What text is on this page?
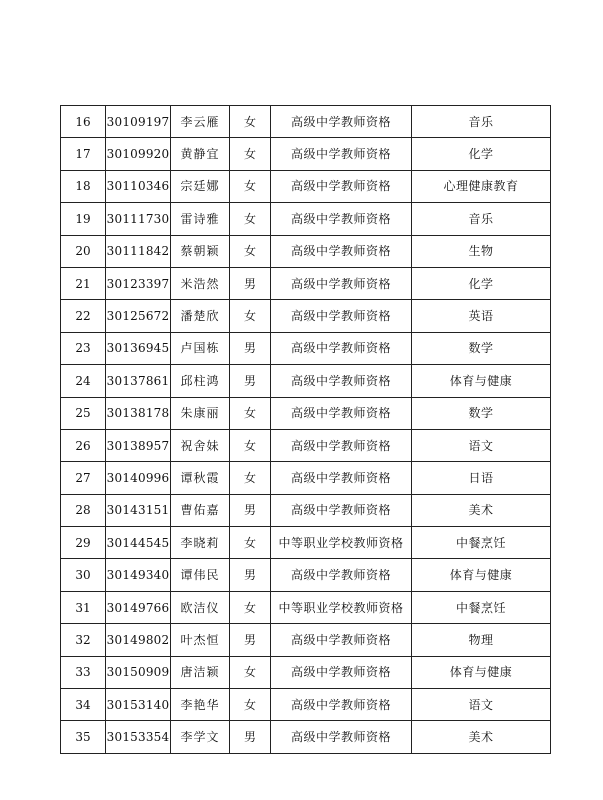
16	30109197	李云雁	女	高级中学教师资格	音乐
17	30109920	黄静宜	女	高级中学教师资格	化学
18	30110346	宗廷娜	女	高级中学教师资格	心理健康教育
19	30111730	雷诗雅	女	高级中学教师资格	音乐
20	30111842	蔡朝颖	女	高级中学教师资格	生物
21	30123397	米浩然	男	高级中学教师资格	化学
22	30125672	潘楚欣	女	高级中学教师资格	英语
23	30136945	卢国栋	男	高级中学教师资格	数学
24	30137861	邱柱鸿	男	高级中学教师资格	体育与健康
25	30138178	朱康丽	女	高级中学教师资格	数学
26	30138957	祝舍妹	女	高级中学教师资格	语文
27	30140996	谭秋霞	女	高级中学教师资格	日语
28	30143151	曹佑嘉	男	高级中学教师资格	美术
29	30144545	李晓莉	女	中等职业学校教师资格	中餐烹饪
30	30149340	谭伟民	男	高级中学教师资格	体育与健康
31	30149766	欧洁仪	女	中等职业学校教师资格	中餐烹饪
32	30149802	叶杰恒	男	高级中学教师资格	物理
33	30150909	唐洁颖	女	高级中学教师资格	体育与健康
34	30153140	李艳华	女	高级中学教师资格	语文
35	30153354	李学文	男	高级中学教师资格	美术
